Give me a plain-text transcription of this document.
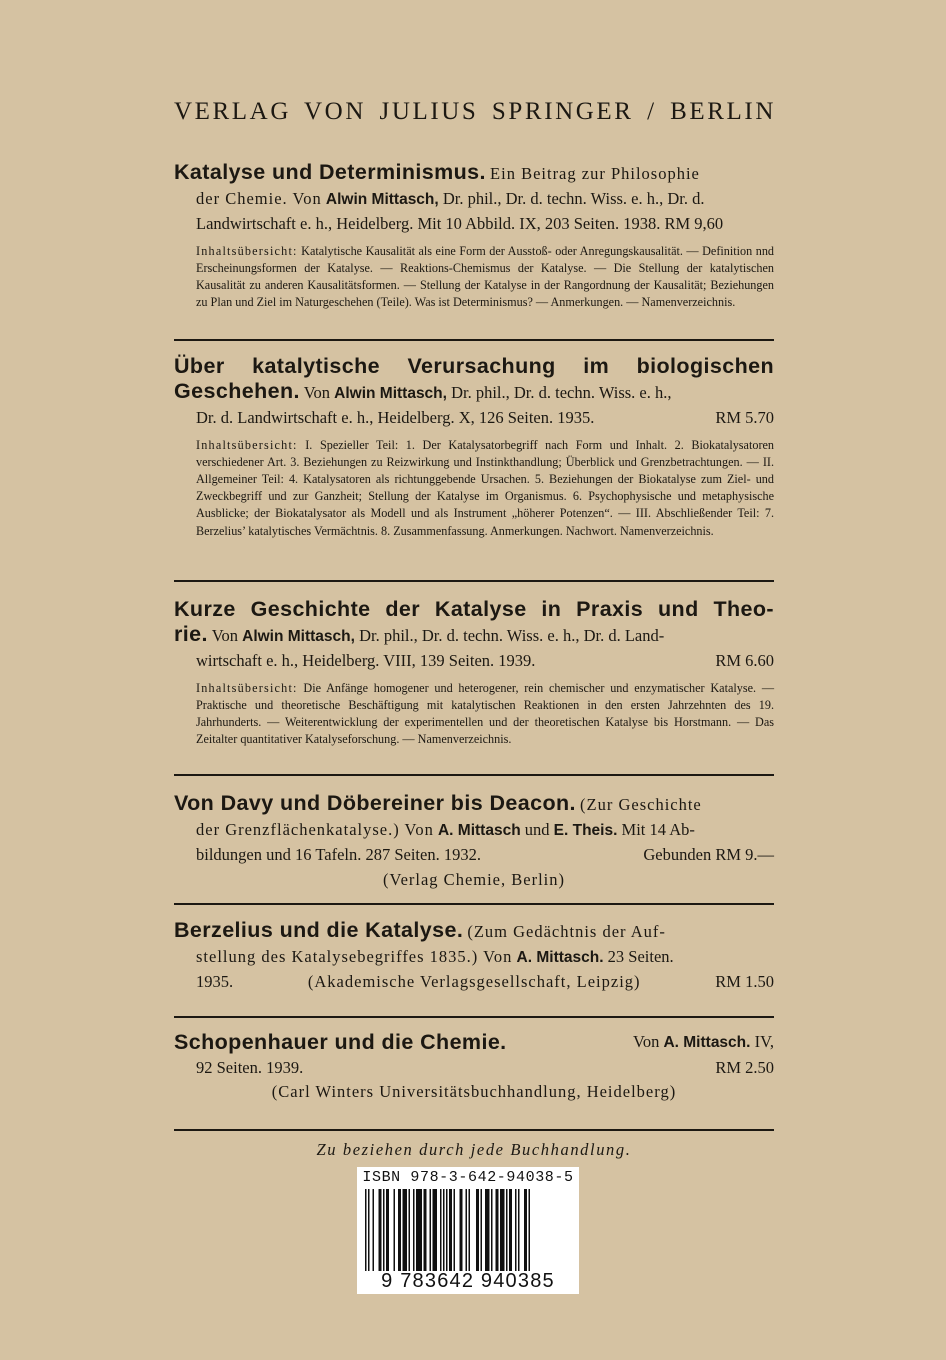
VERLAG VON JULIUS SPRINGER / BERLIN
Katalyse und Determinismus. Ein Beitrag zur Philosophie
der Chemie. Von Alwin Mittasch, Dr. phil., Dr. d. techn. Wiss. e. h., Dr. d.
Landwirtschaft e. h., Heidelberg. Mit 10 Abbild. IX, 203 Seiten. 1938. RM 9,60
Inhaltsübersicht: Katalytische Kausalität als eine Form der Ausstoß- oder Anregungskausalität. — Definition nnd Erscheinungsformen der Katalyse. — Reaktions-Chemismus der Katalyse. — Die Stellung der katalytischen Kausalität zu anderen Kausalitätsformen. — Stellung der Katalyse in der Rangordnung der Kausalität; Beziehungen zu Plan und Ziel im Naturgeschehen (Teile). Was ist Determinismus? — Anmerkungen. — Namenverzeichnis.
Über katalytische Verursachung im biologischen
Geschehen. Von Alwin Mittasch, Dr. phil., Dr. d. techn. Wiss. e. h.,
Dr. d. Landwirtschaft e. h., Heidelberg. X, 126 Seiten. 1935.	RM 5.70
Inhaltsübersicht: I. Spezieller Teil: 1. Der Katalysatorbegriff nach Form und Inhalt. 2. Biokatalysatoren verschiedener Art. 3. Beziehungen zu Reizwirkung und Instinkthandlung; Überblick und Grenzbetrachtungen. — II. Allgemeiner Teil: 4. Katalysatoren als richtunggebende Ursachen. 5. Beziehungen der Biokatalyse zum Ziel- und Zweckbegriff und zur Ganzheit; Stellung der Katalyse im Organismus. 6. Psychophysische und metaphysische Ausblicke; der Biokatalysator als Modell und als Instrument „höherer Potenzen“. — III. Abschließender Teil: 7. Berzelius’ katalytisches Vermächtnis. 8. Zusammenfassung. Anmerkungen. Nachwort. Namenverzeichnis.
Kurze Geschichte der Katalyse in Praxis und Theo-
rie. Von Alwin Mittasch, Dr. phil., Dr. d. techn. Wiss. e. h., Dr. d. Land-
wirtschaft e. h., Heidelberg. VIII, 139 Seiten. 1939.	RM 6.60
Inhaltsübersicht: Die Anfänge homogener und heterogener, rein chemischer und enzymatischer Katalyse. — Praktische und theoretische Beschäftigung mit katalytischen Reaktionen in den ersten Jahrzehnten des 19. Jahrhunderts. — Weiterentwicklung der experimentellen und der theoretischen Katalyse bis Horstmann. — Das Zeitalter quantitativer Katalyseforschung. — Namenverzeichnis.
Von Davy und Döbereiner bis Deacon. (Zur Geschichte
der Grenzflächenkatalyse.) Von A. Mittasch und E. Theis. Mit 14 Ab-
bildungen und 16 Tafeln. 287 Seiten. 1932.	Gebunden RM 9.—
(Verlag Chemie, Berlin)
Berzelius und die Katalyse. (Zum Gedächtnis der Auf-
stellung des Katalysebegriffes 1835.) Von A. Mittasch. 23 Seiten.
1935.	(Akademische Verlagsgesellschaft, Leipzig)	RM 1.50
Schopenhauer und die Chemie.	Von A. Mittasch. IV,
92 Seiten. 1939.	RM 2.50
(Carl Winters Universitätsbuchhandlung, Heidelberg)
Zu beziehen durch jede Buchhandlung.
ISBN 978-3-642-94038-5
9 783642 940385
